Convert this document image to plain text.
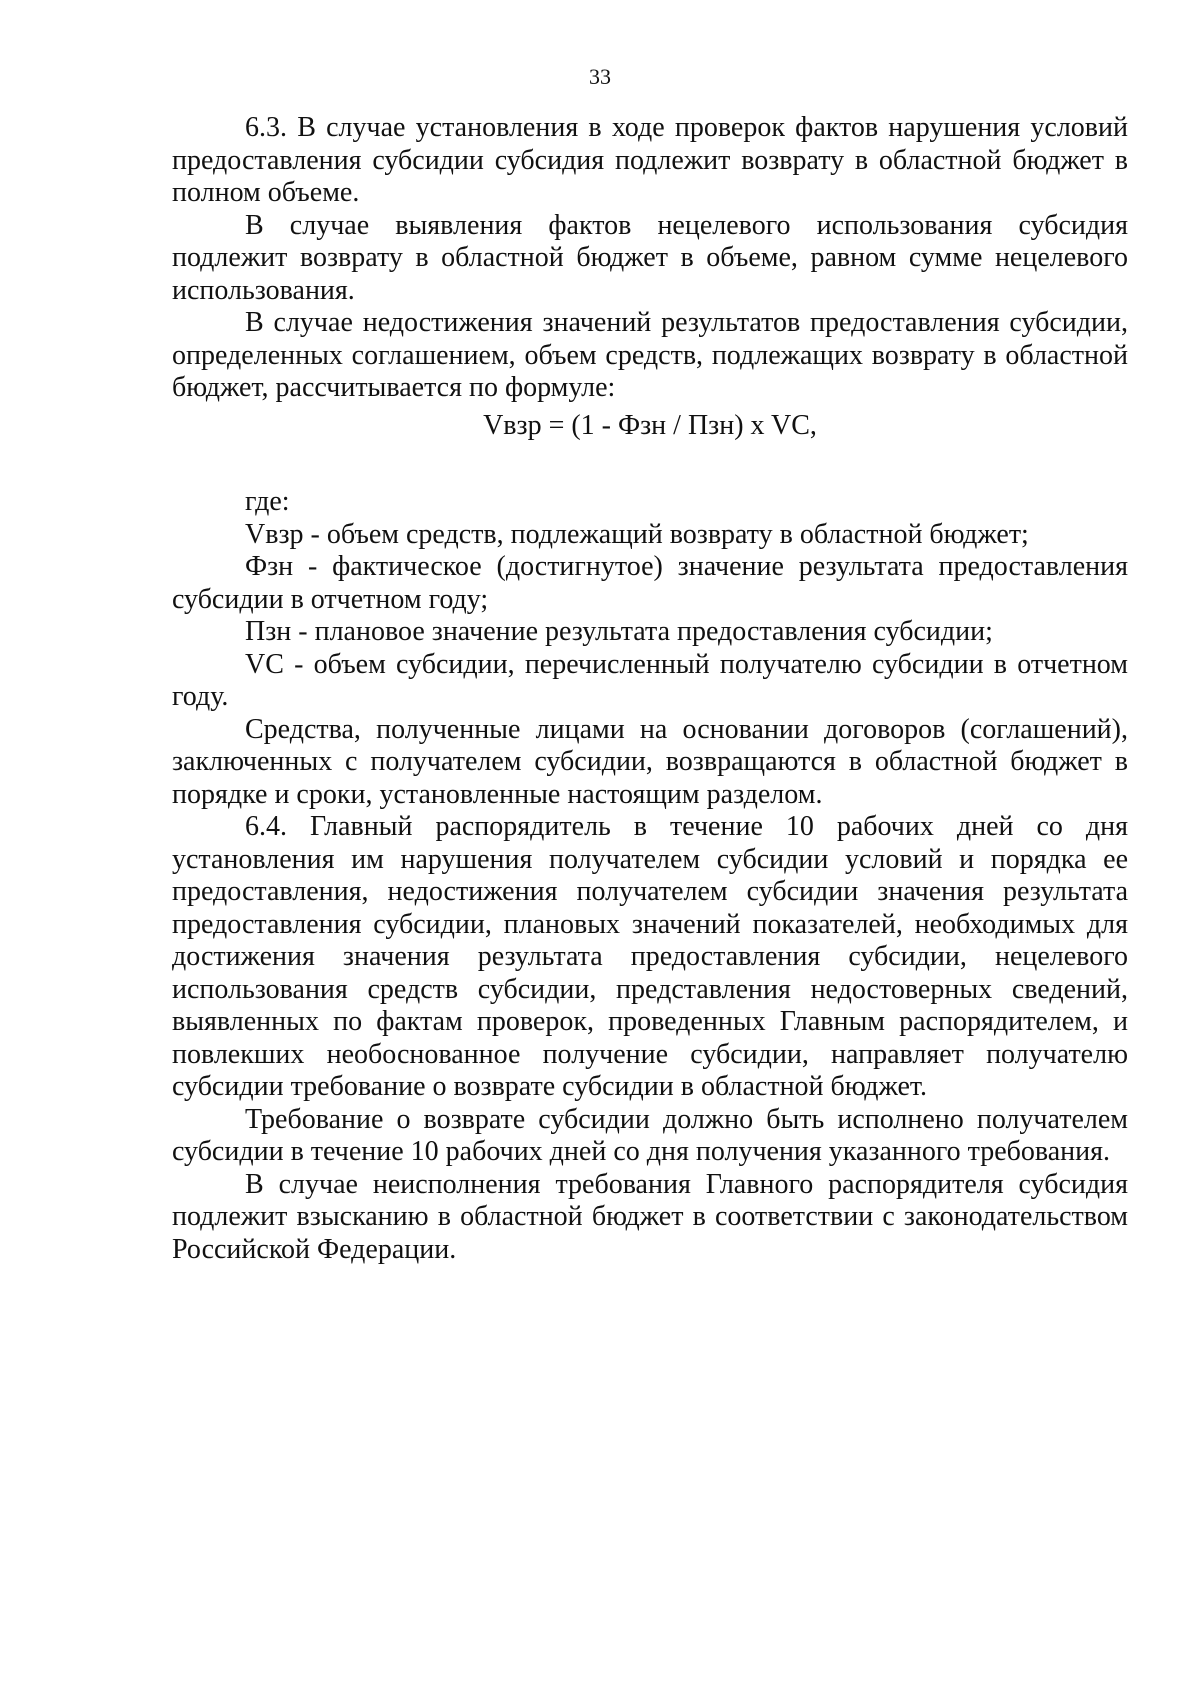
33

6.3. В случае установления в ходе проверок фактов нарушения условий предоставления субсидии субсидия подлежит возврату в областной бюджет в полном объеме.

В случае выявления фактов нецелевого использования субсидия подлежит возврату в областной бюджет в объеме, равном сумме нецелевого использования.

В случае недостижения значений результатов предоставления субсидии, определенных соглашением, объем средств, подлежащих возврату в областной бюджет, рассчитывается по формуле:

Vвзр = (1 - Фзн / Пзн) x VC,

где:

Vвзр - объем средств, подлежащий возврату в областной бюджет;

Фзн - фактическое (достигнутое) значение результата предоставления субсидии в отчетном году;

Пзн - плановое значение результата предоставления субсидии;

VC - объем субсидии, перечисленный получателю субсидии в отчетном году.

Средства, полученные лицами на основании договоров (соглашений), заключенных с получателем субсидии, возвращаются в областной бюджет в порядке и сроки, установленные настоящим разделом.

6.4. Главный распорядитель в течение 10 рабочих дней со дня установления им нарушения получателем субсидии условий и порядка ее предоставления, недостижения получателем субсидии значения результата предоставления субсидии, плановых значений показателей, необходимых для достижения значения результата предоставления субсидии, нецелевого использования средств субсидии, представления недостоверных сведений, выявленных по фактам проверок, проведенных Главным распорядителем, и повлекших необоснованное получение субсидии, направляет получателю субсидии требование о возврате субсидии в областной бюджет.

Требование о возврате субсидии должно быть исполнено получателем субсидии в течение 10 рабочих дней со дня получения указанного требования.

В случае неисполнения требования Главного распорядителя субсидия подлежит взысканию в областной бюджет в соответствии с законодательством Российской Федерации.
